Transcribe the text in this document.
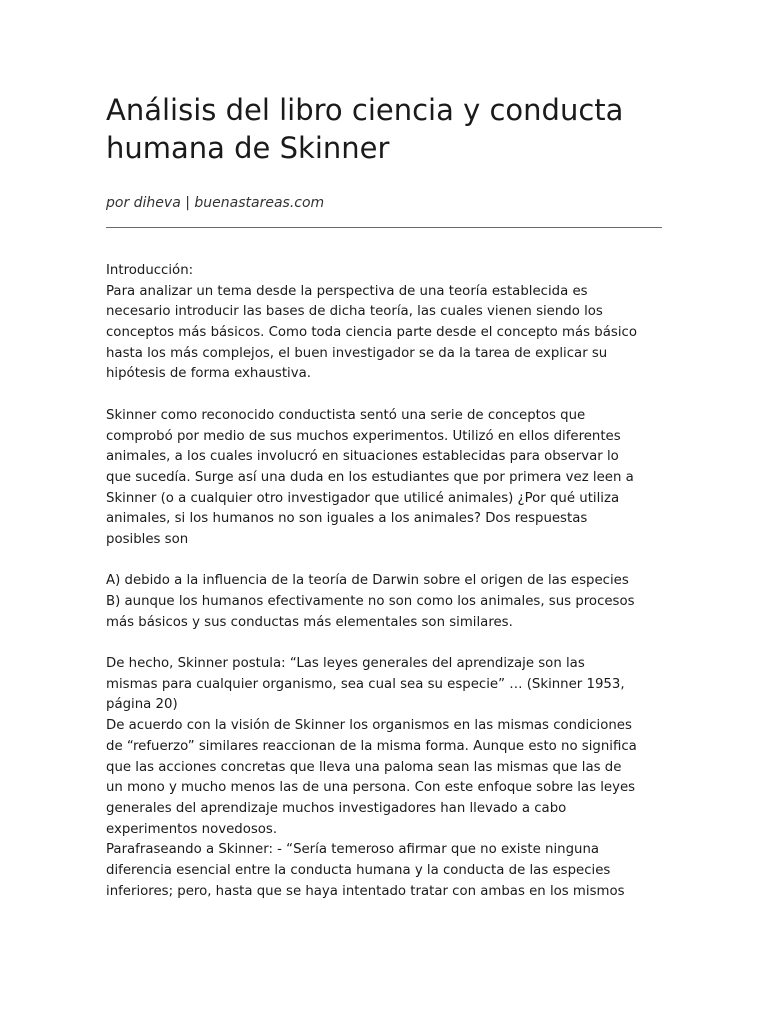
Análisis del libro ciencia y conducta
humana de Skinner
por diheva | buenastareas.com
Introducción:
Para analizar un tema desde la perspectiva de una teoría establecida es
necesario introducir las bases de dicha teoría, las cuales vienen siendo los
conceptos más básicos. Como toda ciencia parte desde el concepto más básico
hasta los más complejos, el buen investigador se da la tarea de explicar su
hipótesis de forma exhaustiva.
Skinner como reconocido conductista sentó una serie de conceptos que
comprobó por medio de sus muchos experimentos. Utilizó en ellos diferentes
animales, a los cuales involucró en situaciones establecidas para observar lo
que sucedía. Surge así una duda en los estudiantes que por primera vez leen a
Skinner (o a cualquier otro investigador que utilicé animales) ¿Por qué utiliza
animales, si los humanos no son iguales a los animales? Dos respuestas
posibles son
A) debido a la influencia de la teoría de Darwin sobre el origen de las especies
B) aunque los humanos efectivamente no son como los animales, sus procesos
más básicos y sus conductas más elementales son similares.
De hecho, Skinner postula: “Las leyes generales del aprendizaje son las
mismas para cualquier organismo, sea cual sea su especie” … (Skinner 1953,
página 20)
De acuerdo con la visión de Skinner los organismos en las mismas condiciones
de “refuerzo” similares reaccionan de la misma forma. Aunque esto no significa
que las acciones concretas que lleva una paloma sean las mismas que las de
un mono y mucho menos las de una persona. Con este enfoque sobre las leyes
generales del aprendizaje muchos investigadores han llevado a cabo
experimentos novedosos.
Parafraseando a Skinner: - “Sería temeroso afirmar que no existe ninguna
diferencia esencial entre la conducta humana y la conducta de las especies
inferiores; pero, hasta que se haya intentado tratar con ambas en los mismos
